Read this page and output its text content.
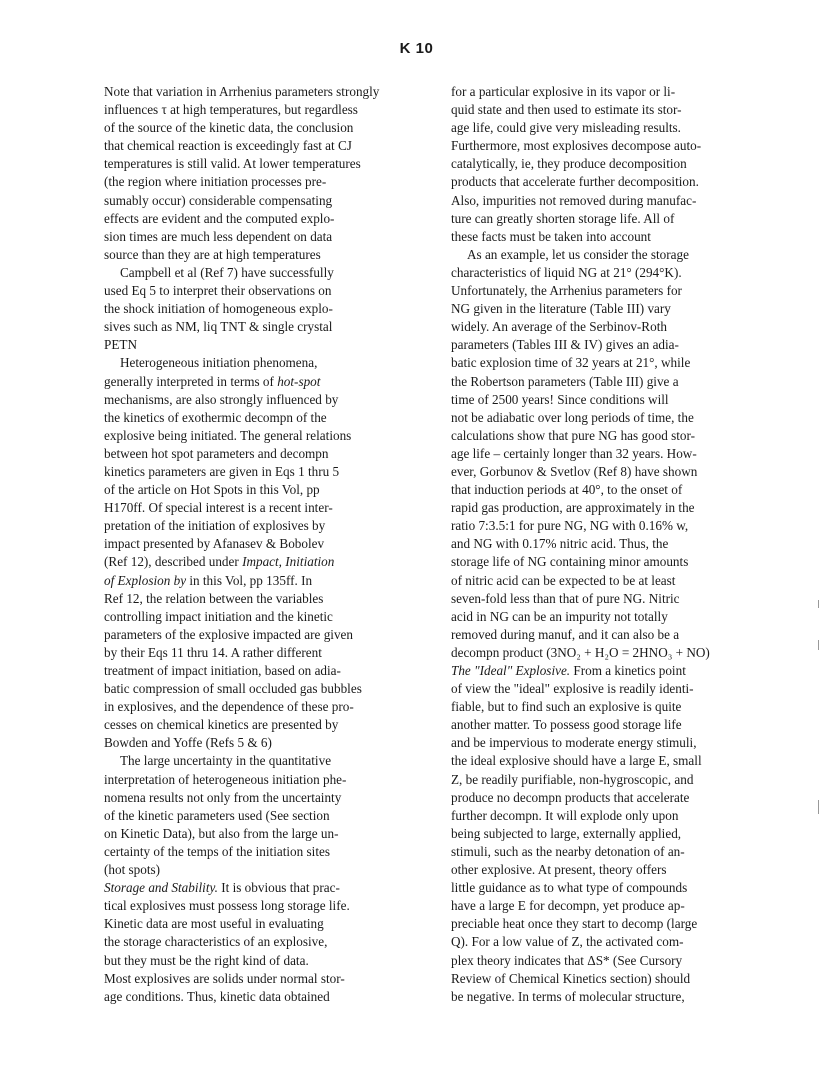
K 10
Note that variation in Arrhenius parameters strongly
influences τ at high temperatures, but regardless
of the source of the kinetic data, the conclusion
that chemical reaction is exceedingly fast at CJ
temperatures is still valid. At lower temperatures
(the region where initiation processes pre-
sumably occur) considerable compensating
effects are evident and the computed explo-
sion times are much less dependent on data
source than they are at high temperatures
Campbell et al (Ref 7) have successfully
used Eq 5 to interpret their observations on
the shock initiation of homogeneous explo-
sives such as NM, liq TNT & single crystal
PETN
Heterogeneous initiation phenomena,
generally interpreted in terms of hot-spot
mechanisms, are also strongly influenced by
the kinetics of exothermic decompn of the
explosive being initiated. The general relations
between hot spot parameters and decompn
kinetics parameters are given in Eqs 1 thru 5
of the article on Hot Spots in this Vol, pp
H170ff. Of special interest is a recent inter-
pretation of the initiation of explosives by
impact presented by Afanasev & Bobolev
(Ref 12), described under Impact, Initiation
of Explosion by in this Vol, pp 135ff. In
Ref 12, the relation between the variables
controlling impact initiation and the kinetic
parameters of the explosive impacted are given
by their Eqs 11 thru 14. A rather different
treatment of impact initiation, based on adia-
batic compression of small occluded gas bubbles
in explosives, and the dependence of these pro-
cesses on chemical kinetics are presented by
Bowden and Yoffe (Refs 5 & 6)
The large uncertainty in the quantitative
interpretation of heterogeneous initiation phe-
nomena results not only from the uncertainty
of the kinetic parameters used (See section
on Kinetic Data), but also from the large un-
certainty of the temps of the initiation sites
(hot spots)
Storage and Stability. It is obvious that prac-
tical explosives must possess long storage life.
Kinetic data are most useful in evaluating
the storage characteristics of an explosive,
but they must be the right kind of data.
Most explosives are solids under normal stor-
age conditions. Thus, kinetic data obtained
for a particular explosive in its vapor or li-
quid state and then used to estimate its stor-
age life, could give very misleading results.
Furthermore, most explosives decompose auto-
catalytically, ie, they produce decomposition
products that accelerate further decomposition.
Also, impurities not removed during manufac-
ture can greatly shorten storage life. All of
these facts must be taken into account
As an example, let us consider the storage
characteristics of liquid NG at 21° (294°K).
Unfortunately, the Arrhenius parameters for
NG given in the literature (Table III) vary
widely. An average of the Serbinov-Roth
parameters (Tables III & IV) gives an adia-
batic explosion time of 32 years at 21°, while
the Robertson parameters (Table III) give a
time of 2500 years! Since conditions will
not be adiabatic over long periods of time, the
calculations show that pure NG has good stor-
age life – certainly longer than 32 years. How-
ever, Gorbunov & Svetlov (Ref 8) have shown
that induction periods at 40°, to the onset of
rapid gas production, are approximately in the
ratio 7:3.5:1 for pure NG, NG with 0.16% w,
and NG with 0.17% nitric acid. Thus, the
storage life of NG containing minor amounts
of nitric acid can be expected to be at least
seven-fold less than that of pure NG. Nitric
acid in NG can be an impurity not totally
removed during manuf, and it can also be a
decompn product (3NO₂ + H₂O = 2HNO₃ + NO)
The "Ideal" Explosive. From a kinetics point
of view the "ideal" explosive is readily identi-
fiable, but to find such an explosive is quite
another matter. To possess good storage life
and be impervious to moderate energy stimuli,
the ideal explosive should have a large E, small
Z, be readily purifiable, non-hygroscopic, and
produce no decompn products that accelerate
further decompn. It will explode only upon
being subjected to large, externally applied,
stimuli, such as the nearby detonation of an-
other explosive. At present, theory offers
little guidance as to what type of compounds
have a large E for decompn, yet produce ap-
preciable heat once they start to decomp (large
Q). For a low value of Z, the activated com-
plex theory indicates that ΔS* (See Cursory
Review of Chemical Kinetics section) should
be negative. In terms of molecular structure,
